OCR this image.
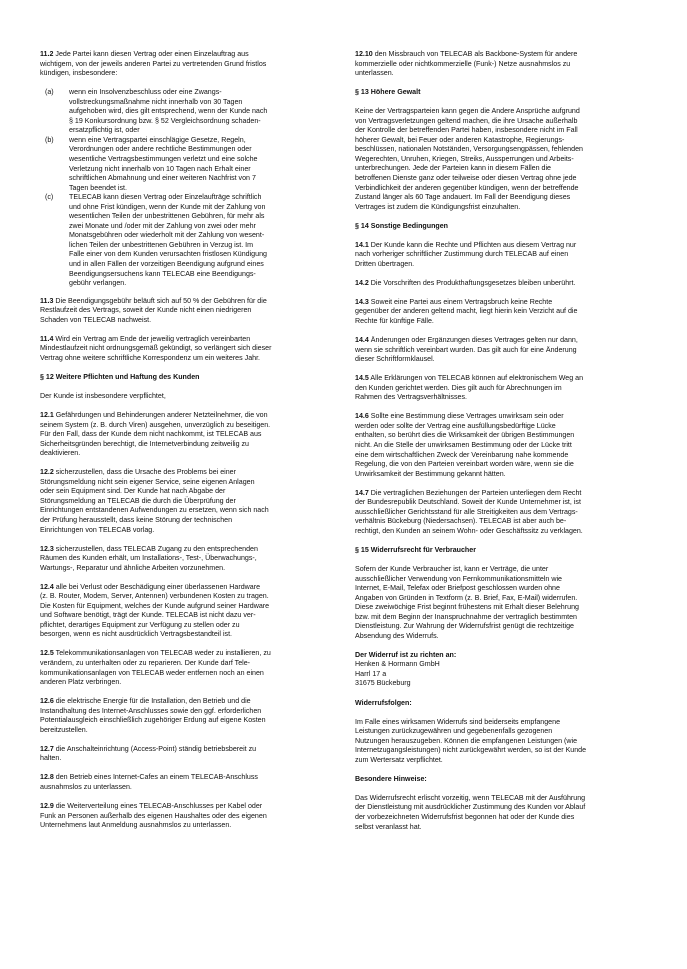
11.2 Jede Partei kann diesen Vertrag oder einen Einzelauftrag aus
wichtigem, von der jeweils anderen Partei zu vertretenden Grund fristlos
kündigen, insbesondere:

(a)	wenn ein Insolvenzbeschluss oder eine Zwangs-
vollstreckungsmaßnahme nicht innerhalb von 30 Tagen
aufgehoben wird, dies gilt entsprechend, wenn der Kunde nach
§ 19 Konkursordnung bzw. § 52 Vergleichsordnung schaden-
ersatzpflichtig ist, oder
(b)	wenn eine Vertragspartei einschlägige Gesetze, Regeln,
Verordnungen oder andere rechtliche Bestimmungen oder
wesentliche Vertragsbestimmungen verletzt und eine solche
Verletzung nicht innerhalb von 10 Tagen nach Erhalt einer
schriftlichen Abmahnung und einer weiteren Nachfrist von 7
Tagen beendet ist.
(c)	TELECAB kann diesen Vertrag oder Einzelaufträge schriftlich
und ohne Frist kündigen, wenn der Kunde mit der Zahlung von
wesentlichen Teilen der unbestrittenen Gebühren, für mehr als
zwei Monate und /oder mit der Zahlung von zwei oder mehr
Monatsgebühren oder wiederholt mit der Zahlung von wesent-
lichen Teilen der unbestrittenen Gebühren in Verzug ist. Im
Falle einer von dem Kunden verursachten fristlosen Kündigung
und in allen Fällen der vorzeitigen Beendigung aufgrund eines
Beendigungsersuchens kann TELECAB eine Beendigungs-
gebühr verlangen.

11.3 Die Beendigungsgebühr beläuft sich auf 50 % der Gebühren für die
Restlaufzeit des Vertrags, soweit der Kunde nicht einen niedrigeren
Schaden von TELECAB nachweist.

11.4 Wird ein Vertrag am Ende der jeweilig vertraglich vereinbarten
Mindestlaufzeit nicht ordnungsgemäß gekündigt, so verlängert sich dieser
Vertrag ohne weitere schriftliche Korrespondenz um ein weiteres Jahr.

§ 12 Weitere Pflichten und Haftung des Kunden

Der Kunde ist insbesondere verpflichtet,

12.1 Gefährdungen und Behinderungen anderer Netzteilnehmer, die von
seinem System (z. B. durch Viren) ausgehen, unverzüglich zu beseitigen.
Für den Fall, dass der Kunde dem nicht nachkommt, ist TELECAB aus
Sicherheitsgründen berechtigt, die Internetverbindung zeitweilig zu
deaktivieren.

12.2 sicherzustellen, dass die Ursache des Problems bei einer
Störungsmeldung nicht sein eigener Service, seine eigenen Anlagen
oder sein Equipment sind. Der Kunde hat nach Abgabe der
Störungsmeldung an TELECAB die durch die Überprüfung der
Einrichtungen entstandenen Aufwendungen zu ersetzen, wenn sich nach
der Prüfung herausstellt, dass keine Störung der technischen
Einrichtungen von TELECAB vorlag.

12.3 sicherzustellen, dass TELECAB Zugang zu den entsprechenden
Räumen des Kunden erhält, um Installations-, Test-, Überwachungs-,
Wartungs-, Reparatur und ähnliche Arbeiten vorzunehmen.

12.4 alle bei Verlust oder Beschädigung einer überlassenen Hardware
(z. B. Router, Modem, Server, Antennen) verbundenen Kosten zu tragen.
Die Kosten für Equipment, welches der Kunde aufgrund seiner Hardware
und Software benötigt, trägt der Kunde. TELECAB ist nicht dazu ver-
pflichtet, derartiges Equipment zur Verfügung zu stellen oder zu
besorgen, wenn es nicht ausdrücklich Vertragsbestandteil ist.

12.5 Telekommunikationsanlagen von TELECAB weder zu installieren, zu
verändern, zu unterhalten oder zu reparieren. Der Kunde darf Tele-
kommunikationsanlagen von TELECAB weder entfernen noch an einen
anderen Platz verbringen.

12.6 die elektrische Energie für die Installation, den Betrieb und die
Instandhaltung des Internet-Anschlusses sowie den ggf. erforderlichen
Potentialausgleich einschließlich zugehöriger Erdung auf eigene Kosten
bereitzustellen.

12.7 die Anschalteinrichtung (Access-Point) ständig betriebsbereit zu
halten.

12.8 den Betrieb eines Internet-Cafes an einem TELECAB-Anschluss
ausnahmslos zu unterlassen.

12.9 die Weiterverteilung eines TELECAB-Anschlusses per Kabel oder
Funk an Personen außerhalb des eigenen Haushaltes oder des eigenen
Unternehmens laut Anmeldung ausnahmslos zu unterlassen.

12.10 den Missbrauch von TELECAB als Backbone-System für andere
kommerzielle oder nichtkommerzielle (Funk-) Netze ausnahmslos zu
unterlassen.

§ 13 Höhere Gewalt

Keine der Vertragsparteien kann gegen die Andere Ansprüche aufgrund
von Vertragsverletzungen geltend machen, die ihre Ursache außerhalb
der Kontrolle der betreffenden Partei haben, insbesondere nicht im Fall
höherer Gewalt, bei Feuer oder anderen Katastrophe, Regierungs-
beschlüssen, nationalen Notständen, Versorgungsengpässen, fehlenden
Wegerechten, Unruhen, Kriegen, Streiks, Aussperrungen und Arbeits-
unterbrechungen. Jede der Parteien kann in diesem Fällen die
betroffenen Dienste ganz oder teilweise oder diesen Vertrag ohne jede
Verbindlichkeit der anderen gegenüber kündigen, wenn der betreffende
Zustand länger als 60 Tage andauert. Im Fall der Beendigung dieses
Vertrages ist zudem die Kündigungsfrist einzuhalten.

§ 14 Sonstige Bedingungen

14.1 Der Kunde kann die Rechte und Pflichten aus diesem Vertrag nur
nach vorheriger schriftlicher Zustimmung durch TELECAB auf einen
Dritten übertragen.

14.2 Die Vorschriften des Produkthaftungsgesetzes bleiben unberührt.

14.3 Soweit eine Partei aus einem Vertragsbruch keine Rechte
gegenüber der anderen geltend macht, liegt hierin kein Verzicht auf die
Rechte für künftige Fälle.

14.4 Änderungen oder Ergänzungen dieses Vertrages gelten nur dann,
wenn sie schriftlich vereinbart wurden. Das gilt auch für eine Änderung
dieser Schriftformklausel.

14.5 Alle Erklärungen von TELECAB können auf elektronischem Weg an
den Kunden gerichtet werden. Dies gilt auch für Abrechnungen im
Rahmen des Vertragsverhältnisses.

14.6 Sollte eine Bestimmung diese Vertrages unwirksam sein oder
werden oder sollte der Vertrag eine ausfüllungsbedürftige Lücke
enthalten, so berührt dies die Wirksamkeit der übrigen Bestimmungen
nicht. An die Stelle der unwirksamen Bestimmung oder der Lücke tritt
eine dem wirtschaftlichen Zweck der Vereinbarung nahe kommende
Regelung, die von den Parteien vereinbart worden wäre, wenn sie die
Unwirksamkeit der Bestimmung gekannt hätten.

14.7 Die vertraglichen Beziehungen der Parteien unterliegen dem Recht
der Bundesrepublik Deutschland. Soweit der Kunde Unternehmer ist, ist
ausschließlicher Gerichtsstand für alle Streitigkeiten aus dem Vertrags-
verhältnis Bückeburg (Niedersachsen). TELECAB ist aber auch be-
rechtigt, den Kunden an seinem Wohn- oder Geschäftssitz zu verklagen.

§ 15 Widerrufsrecht für Verbraucher

Sofern der Kunde Verbraucher ist, kann er Verträge, die unter
ausschließlicher Verwendung von Fernkommunikationsmitteln wie
Internet, E-Mail, Telefax oder Briefpost geschlossen wurden ohne
Angaben von Gründen in Textform (z. B. Brief, Fax, E-Mail) widerrufen.
Diese zweiwöchige Frist beginnt frühestens mit Erhalt dieser Belehrung
bzw. mit dem Beginn der Inanspruchnahme der vertraglich bestimmten
Dienstleistung. Zur Wahrung der Widerrufsfrist genügt die rechtzeitige
Absendung des Widerrufs.

Der Widerruf ist zu richten an:

Henken & Hormann GmbH
Harrl 17 a
31675 Bückeburg

Widerrufsfolgen:

Im Falle eines wirksamen Widerrufs sind beiderseits empfangene
Leistungen zurückzugewähren und gegebenenfalls gezogenen
Nutzungen herauszugeben. Können die empfangenen Leistungen (wie
Internetzugangsleistungen) nicht zurückgewährt werden, so ist der Kunde
zum Wertersatz verpflichtet.

Besondere Hinweise:

Das Widerrufsrecht erlischt vorzeitig, wenn TELECAB mit der Ausführung
der Dienstleistung mit ausdrücklicher Zustimmung des Kunden vor Ablauf
der vorbezeichneten Widerrufsfrist begonnen hat oder der Kunde dies
selbst veranlasst hat.
